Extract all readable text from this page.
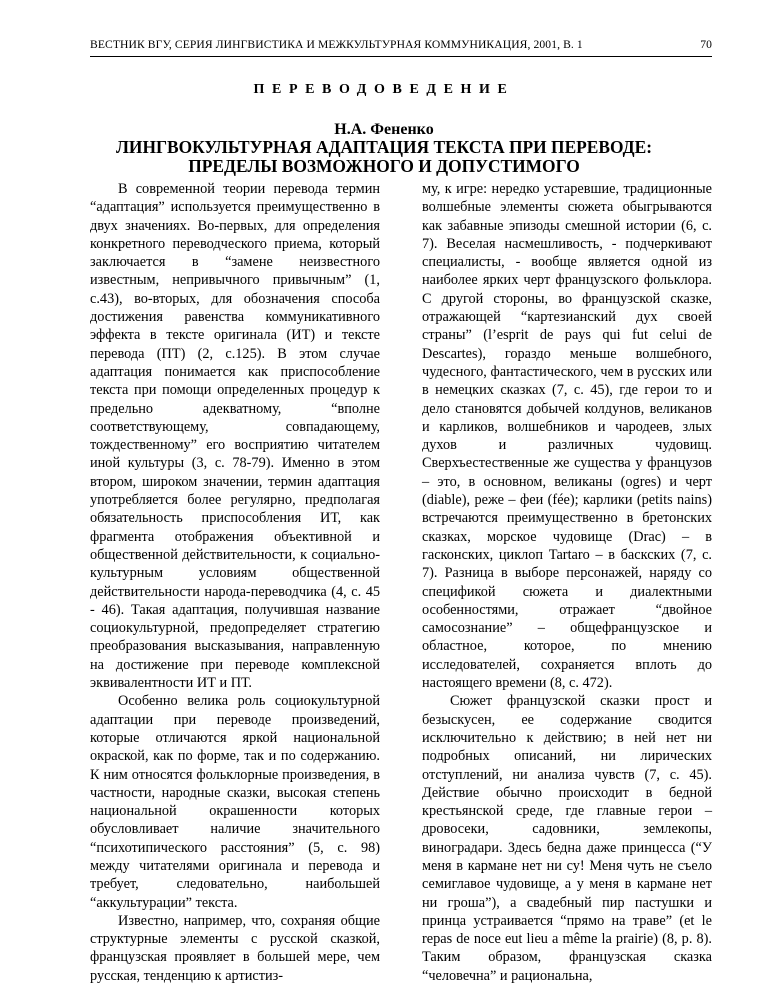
ВЕСТНИК ВГУ, СЕРИЯ ЛИНГВИСТИКА И МЕЖКУЛЬТУРНАЯ КОММУНИКАЦИЯ, 2001, В. 1	70
ПЕРЕВОДОВЕДЕНИЕ
Н.А. Фененко
ЛИНГВОКУЛЬТУРНАЯ АДАПТАЦИЯ ТЕКСТА ПРИ ПЕРЕВОДЕ:
ПРЕДЕЛЫ ВОЗМОЖНОГО И ДОПУСТИМОГО

В современной теории перевода термин “адаптация” используется преимущественно в двух значениях. Во-первых, для определения конкретного переводческого приема, который заключается в “замене неизвестного известным, непривычного привычным” (1, с.43), во-вторых, для обозначения способа достижения равенства коммуникативного эффекта в тексте оригинала (ИТ) и тексте перевода (ПТ) (2, с.125). В этом случае адаптация понимается как приспособление текста при помощи определенных процедур к предельно адекватному, “вполне соответствующему, совпадающему, тождественному” его восприятию читателем иной культуры (3, с. 78-79). Именно в этом втором, широком значении, термин адаптация употребляется более регулярно, предполагая обязательность приспособления ИТ, как фрагмента отображения объективной и общественной действительности, к социально-культурным условиям общественной действительности народа-переводчика (4, с. 45 - 46). Такая адаптация, получившая название социокультурной, предопределяет стратегию преобразования высказывания, направленную на достижение при переводе комплексной эквивалентности ИТ и ПТ.

Особенно велика роль социокультурной адаптации при переводе произведений, которые отличаются яркой национальной окраской, как по форме, так и по содержанию. К ним относятся фольклорные произведения, в частности, народные сказки, высокая степень национальной окрашенности которых обусловливает наличие значительного “психотипического расстояния” (5, с. 98) между читателями оригинала и перевода и требует, следовательно, наибольшей “аккультурации” текста.

Известно, например, что, сохраняя общие структурные элементы с русской сказкой, французская проявляет в большей мере, чем русская, тенденцию к артистиз-

му, к игре: нередко устаревшие, традиционные волшебные элементы сюжета обыгрываются как забавные эпизоды смешной истории (6, с. 7). Веселая насмешливость, - подчеркивают специалисты, - вообще является одной из наиболее ярких черт французского фольклора. С другой стороны, во французской сказке, отражающей “картезианский дух своей страны” (l’esprit de pays qui fut celui de Descartes), гораздо меньше волшебного, чудесного, фантастического, чем в русских или в немецких сказках (7, с. 45), где герои то и дело становятся добычей колдунов, великанов и карликов, волшебников и чародеев, злых духов и различных чудовищ. Сверхъестественные же существа у французов – это, в основном, великаны (ogres) и черт (diable), реже – феи (fée); карлики (petits nains) встречаются преимущественно в бретонских сказках, морское чудовище (Drac) – в гасконских, циклоп Tartaro – в баскских (7, с. 7). Разница в выборе персонажей, наряду со спецификой сюжета и диалектными особенностями, отражает “двойное самосознание” – общефранцузское и областное, которое, по мнению исследователей, сохраняется вплоть до настоящего времени (8, с. 472).

Сюжет французской сказки прост и безыскусен, ее содержание сводится исключительно к действию; в ней нет ни подробных описаний, ни лирических отступлений, ни анализа чувств (7, с. 45). Действие обычно происходит в бедной крестьянской среде, где главные герои – дровосеки, садовники, землекопы, виноградари. Здесь бедна даже принцесса (“У меня в кармане нет ни су! Меня чуть не съело семиглавое чудовище, а у меня в кармане нет ни гроша”), а свадебный пир пастушки и принца устраивается “прямо на траве” (et le repas de noce eut lieu a même la prairie) (8, p. 8). Таким образом, французская сказка “человечна” и рациональна,
